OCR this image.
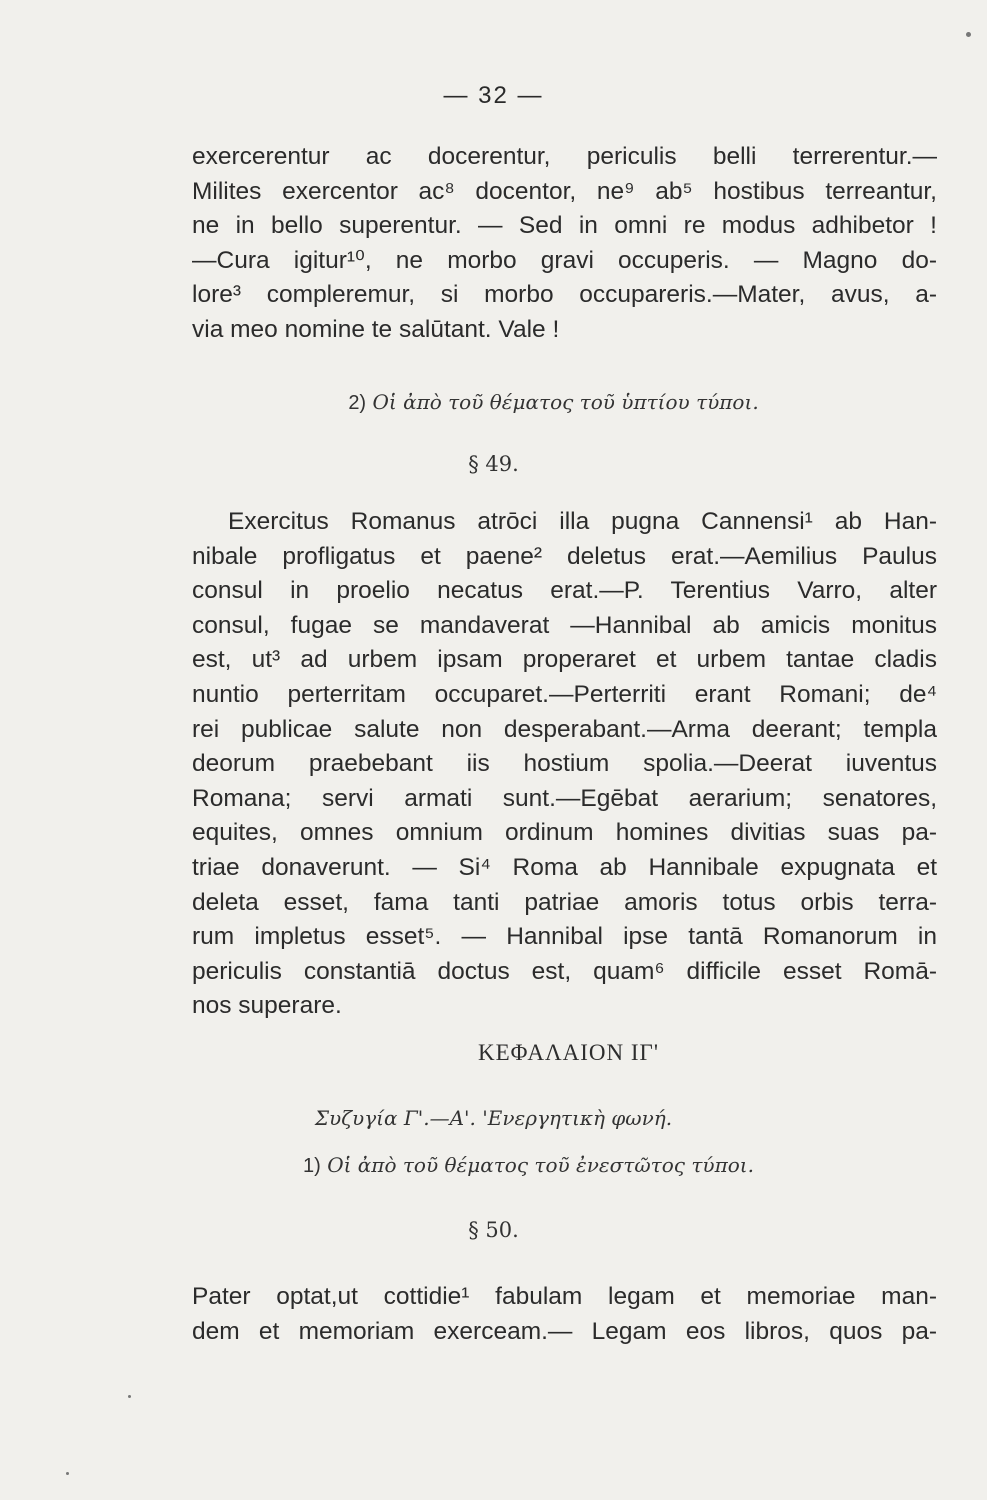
— 32 —
exercerentur ac docerentur, periculis belli terrerentur.—
Milites exercentor ac⁸ docentor, ne⁹ ab⁵ hostibus terreantur,
ne in bello superentur. — Sed in omni re modus adhibetor !
—Cura igitur¹⁰, ne morbo gravi occuperis. — Magno do-
lore³ compleremur, si morbo occupareris.—Mater, avus, a-
via meo nomine te salūtant. Vale !
2) Οἱ ἀπὸ τοῦ θέματος τοῦ ὑπτίου τύποι.
§ 49.
Exercitus Romanus atrōci illa pugna Cannensi¹ ab Han-
nibale profligatus et paene² deletus erat.—Aemilius Paulus
consul in proelio necatus erat.—P. Terentius Varro, alter
consul, fugae se mandaverat —Hannibal ab amicis monitus
est, ut³ ad urbem ipsam properaret et urbem tantae cladis
nuntio perterritam occuparet.—Perterriti erant Romani; de⁴
rei publicae salute non desperabant.—Arma deerant; templa
deorum praebebant iis hostium spolia.—Deerat iuventus
Romana; servi armati sunt.—Egēbat aerarium; senatores,
equites, omnes omnium ordinum homines divitias suas pa-
triae donaverunt. — Si⁴ Roma ab Hannibale expugnata et
deleta esset, fama tanti patriae amoris totus orbis terra-
rum impletus esset⁵. — Hannibal ipse tantā Romanorum in
periculis constantiā doctus est, quam⁶ difficile esset Romā-
nos superare.
ΚΕΦΑΛΑΙΟΝ ΙΓ'
Συζυγία Γ'.—Α'. 'Ενεργητικὴ φωνή.
1) Οἱ ἀπὸ τοῦ θέματος τοῦ ἐνεστῶτος τύποι.
§ 50.
Pater optat,ut cottidie¹ fabulam legam et memoriae man-
dem et memoriam exerceam.— Legam eos libros, quos pa-
